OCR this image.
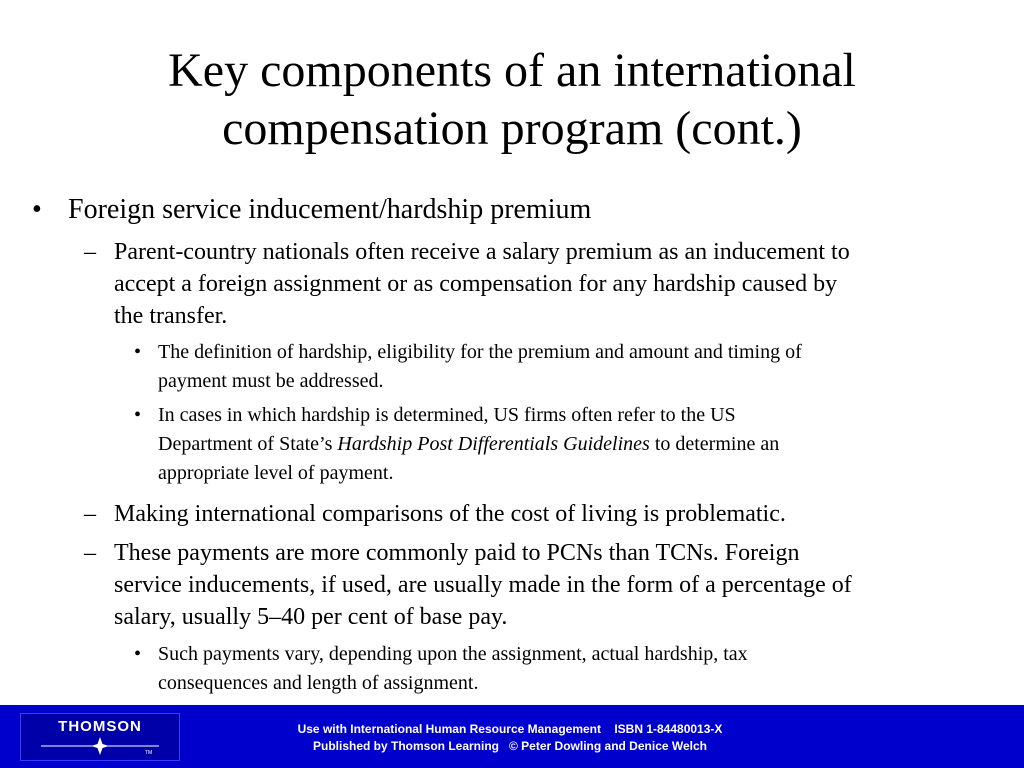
Key components of an international
compensation program (cont.)
• Foreign service inducement/hardship premium
– Parent-country nationals often receive a salary premium as an inducement to
accept a foreign assignment or as compensation for any hardship caused by
the transfer.
• The definition of hardship, eligibility for the premium and amount and timing of
payment must be addressed.
• In cases in which hardship is determined, US firms often refer to the US
Department of State’s Hardship Post Differentials Guidelines to determine an
appropriate level of payment.
– Making international comparisons of the cost of living is problematic.
– These payments are more commonly paid to PCNs than TCNs. Foreign
service inducements, if used, are usually made in the form of a percentage of
salary, usually 5–40 per cent of base pay.
• Such payments vary, depending upon the assignment, actual hardship, tax
consequences and length of assignment.
THOMSON
TM
Use with International Human Resource Management    ISBN 1-84480013-X
Published by Thomson Learning   © Peter Dowling and Denice Welch
